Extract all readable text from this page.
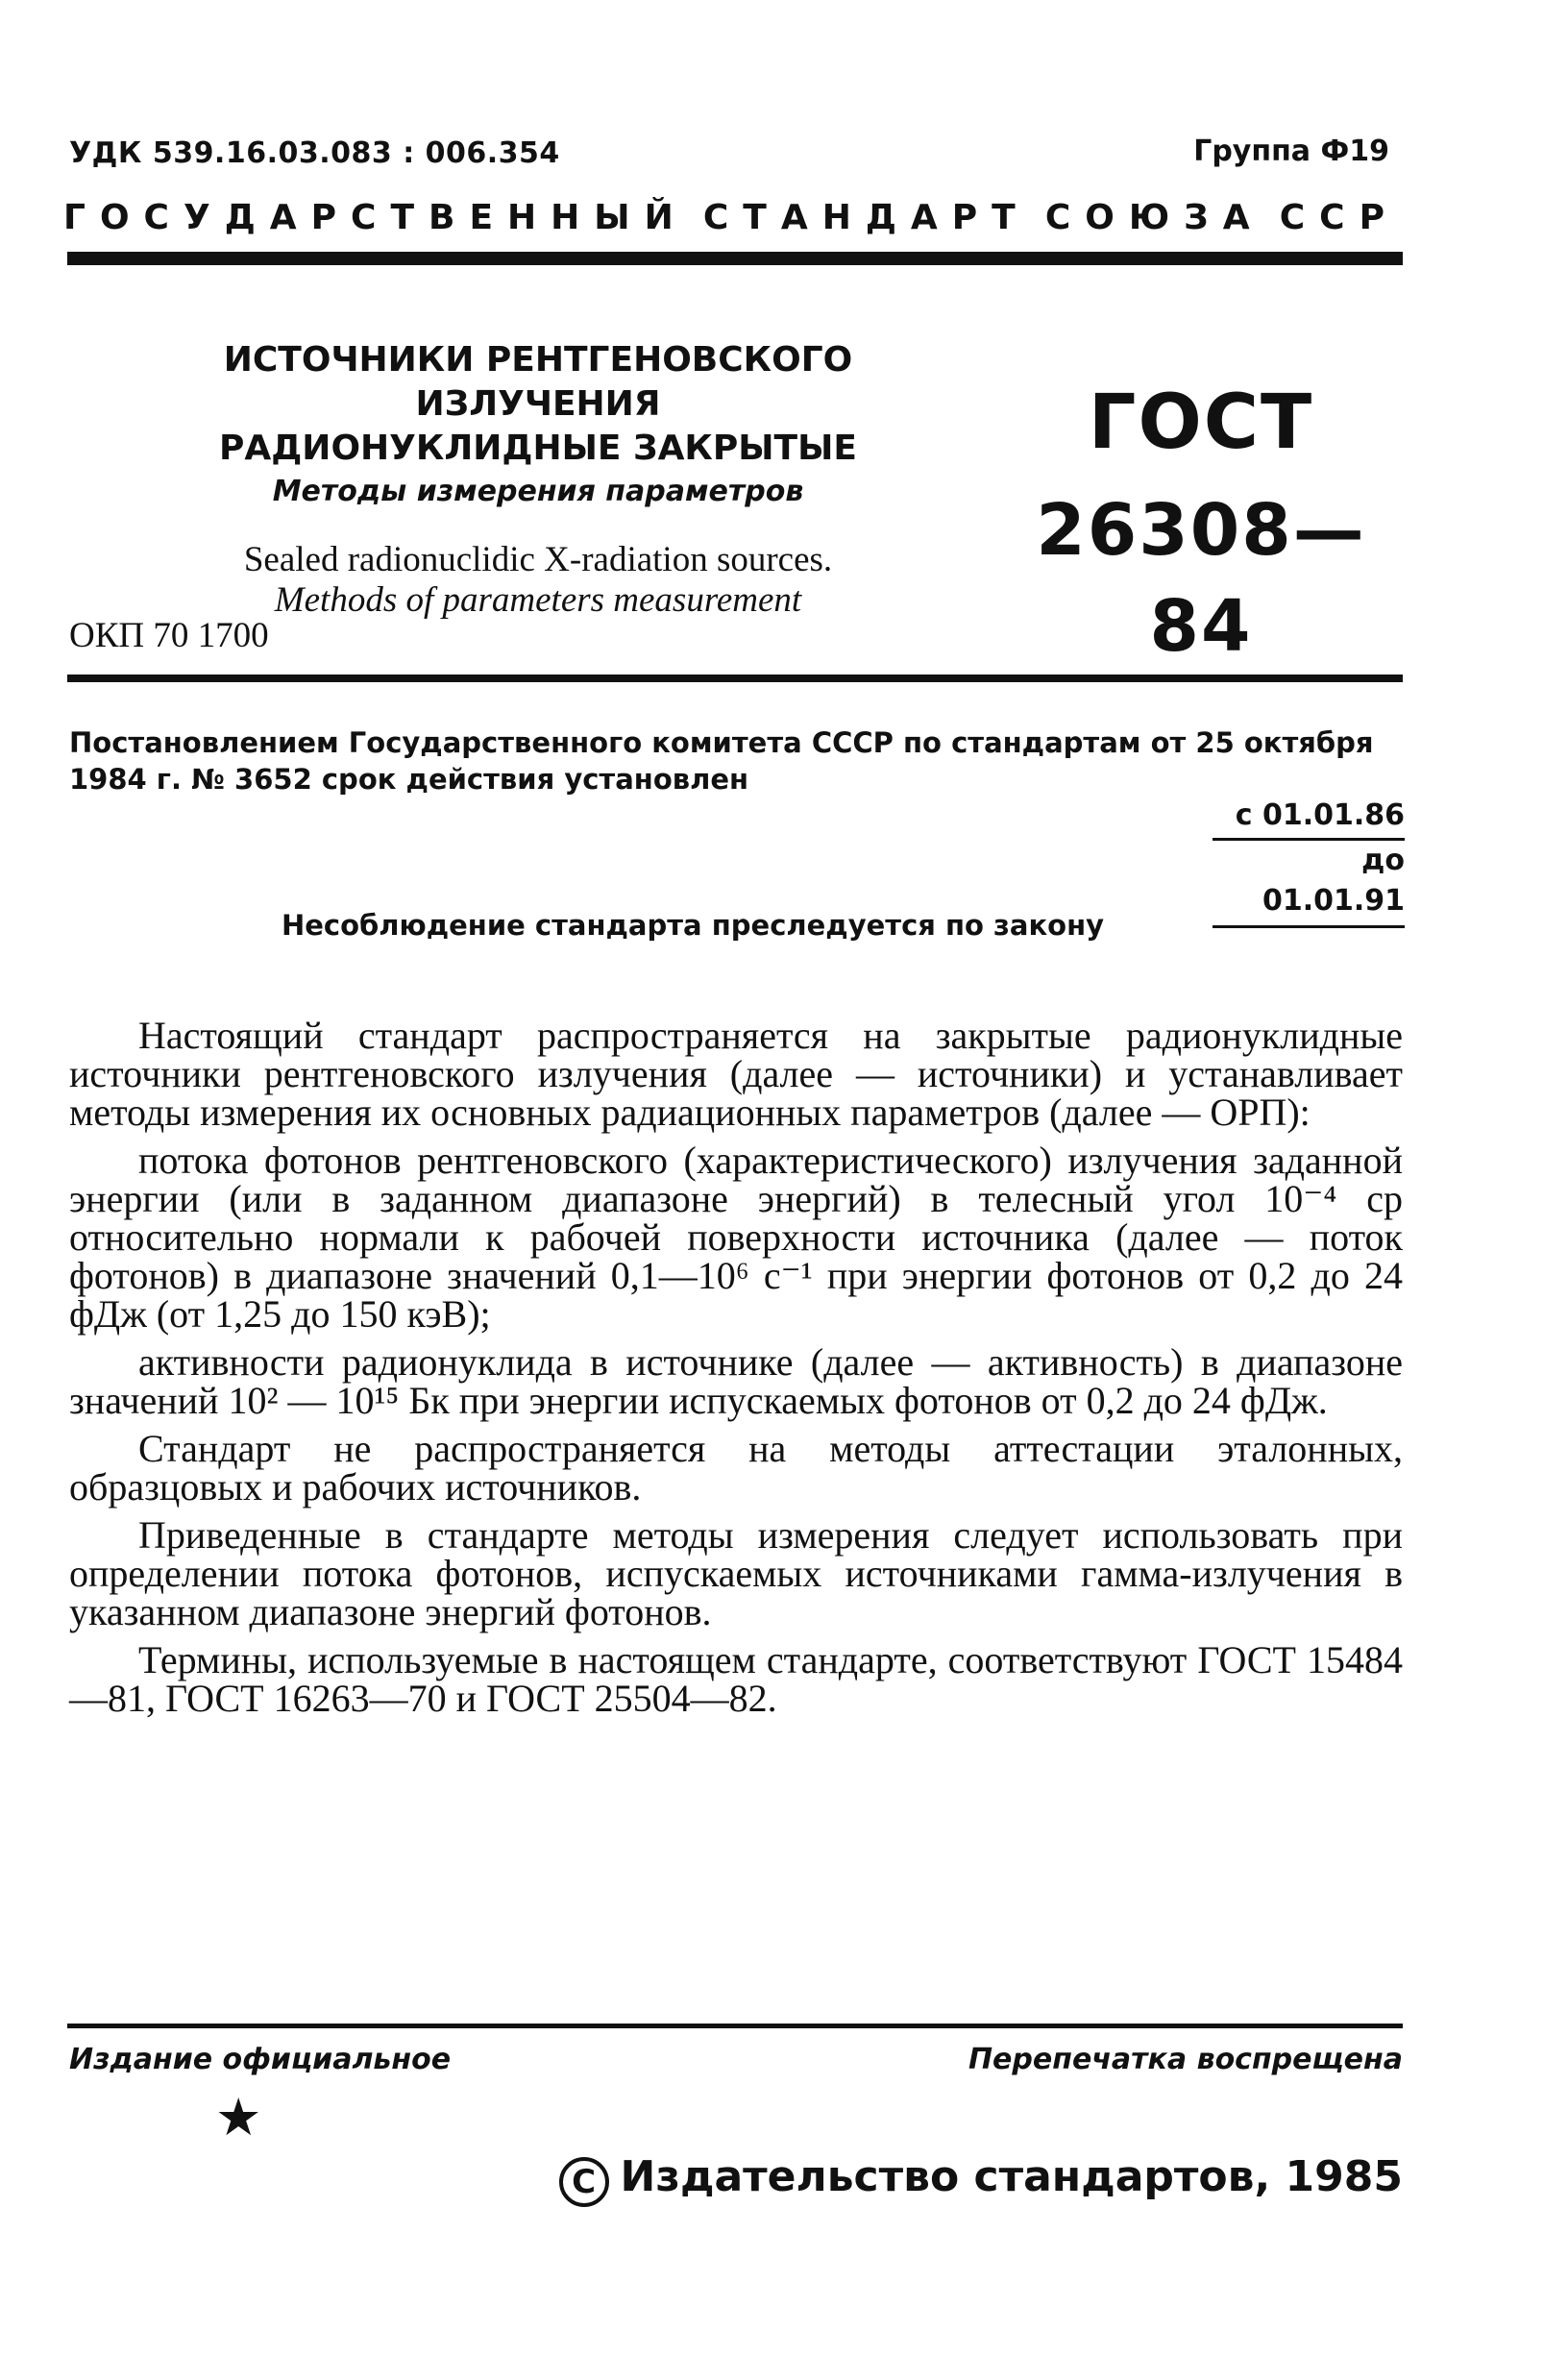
УДК 539.16.03.083 : 006.354	Группа Ф19
ГОСУДАРСТВЕННЫЙ СТАНДАРТ СОЮЗА ССР
ИСТОЧНИКИ РЕНТГЕНОВСКОГО ИЗЛУЧЕНИЯ
РАДИОНУКЛИДНЫЕ ЗАКРЫТЫЕ
Методы измерения параметров
Sealed radionuclidic X-radiation sources.
Methods of parameters measurement
ГОСТ
26308—84
ОКП 70 1700
Постановлением Государственного комитета СССР по стандартам от 25 октября 1984 г. № 3652 срок действия установлен
с 01.01.86
до 01.01.91
Несоблюдение стандарта преследуется по закону

Настоящий стандарт распространяется на закрытые радионуклидные источники рентгеновского излучения (далее — источники) и устанавливает методы измерения их основных радиационных параметров (далее — ОРП):

потока фотонов рентгеновского (характеристического) излучения заданной энергии (или в заданном диапазоне энергий) в телесный угол 10⁻⁴ ср относительно нормали к рабочей поверхности источника (далее — поток фотонов) в диапазоне значений 0,1—10⁶ с⁻¹ при энергии фотонов от 0,2 до 24 фДж (от 1,25 до 150 кэВ);

активности радионуклида в источнике (далее — активность) в диапазоне значений 10² — 10¹⁵ Бк при энергии испускаемых фотонов от 0,2 до 24 фДж.

Стандарт не распространяется на методы аттестации эталонных, образцовых и рабочих источников.

Приведенные в стандарте методы измерения следует использовать при определении потока фотонов, испускаемых источниками гамма-излучения в указанном диапазоне энергий фотонов.

Термины, используемые в настоящем стандарте, соответствуют ГОСТ 15484—81, ГОСТ 16263—70 и ГОСТ 25504—82.

Издание официальное	Перепечатка воспрещена
★
C Издательство стандартов, 1985
